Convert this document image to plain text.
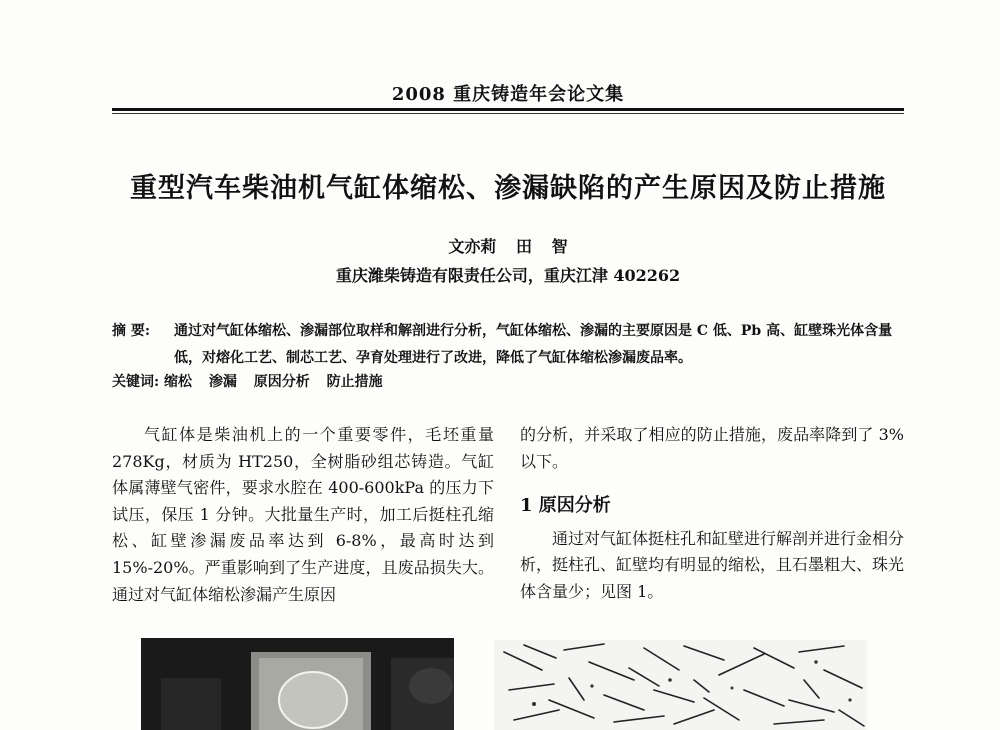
2008 重庆铸造年会论文集
重型汽车柴油机气缸体缩松、渗漏缺陷的产生原因及防止措施
文亦莉 田 智
重庆潍柴铸造有限责任公司，重庆江津 402262
摘 要:	通过对气缸体缩松、渗漏部位取样和解剖进行分析，气缸体缩松、渗漏的主要原因是 C 低、Pb 高、缸壁珠光体含量低，对熔化工艺、制芯工艺、孕育处理进行了改进，降低了气缸体缩松渗漏废品率。
关键词: 缩松 渗漏 原因分析 防止措施

气缸体是柴油机上的一个重要零件，毛坯重量 278Kg，材质为 HT250，全树脂砂组芯铸造。气缸体属薄壁气密件，要求水腔在 400-600kPa 的压力下试压，保压 1 分钟。大批量生产时，加工后挺柱孔缩松、缸壁渗漏废品率达到 6-8%，最高时达到 15%-20%。严重影响到了生产进度，且废品损失大。通过对气缸体缩松渗漏产生原因

的分析，并采取了相应的防止措施，废品率降到了 3%以下。

1 原因分析

通过对气缸体挺柱孔和缸壁进行解剖并进行金相分析，挺柱孔、缸壁均有明显的缩松，且石墨粗大、珠光体含量少；见图 1。
